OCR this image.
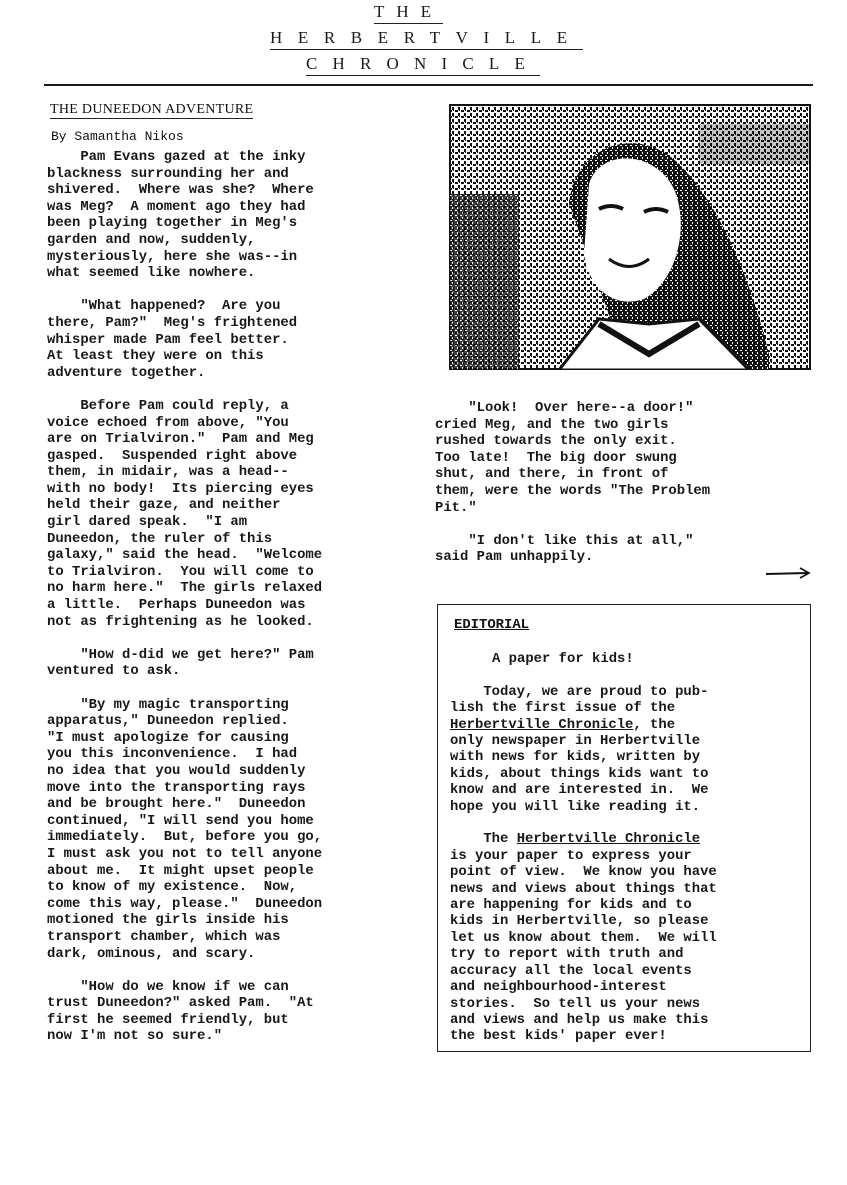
THE
HERBERTVILLE
CHRONICLE
THE DUNEEDON ADVENTURE
By Samantha Nikos
Pam Evans gazed at the inky
blackness surrounding her and
shivered.  Where was she?  Where
was Meg?  A moment ago they had
been playing together in Meg's
garden and now, suddenly,
mysteriously, here she was--in
what seemed like nowhere.
"What happened?  Are you
there, Pam?"  Meg's frightened
whisper made Pam feel better.
At least they were on this
adventure together.
Before Pam could reply, a
voice echoed from above, "You
are on Trialviron."  Pam and Meg
gasped.  Suspended right above
them, in midair, was a head--
with no body!  Its piercing eyes
held their gaze, and neither
girl dared speak.  "I am
Duneedon, the ruler of this
galaxy," said the head.  "Welcome
to Trialviron.  You will come to
no harm here."  The girls relaxed
a little.  Perhaps Duneedon was
not as frightening as he looked.
"How d-did we get here?" Pam
ventured to ask.
"By my magic transporting
apparatus," Duneedon replied.
"I must apologize for causing
you this inconvenience.  I had
no idea that you would suddenly
move into the transporting rays
and be brought here."  Duneedon
continued, "I will send you home
immediately.  But, before you go,
I must ask you not to tell anyone
about me.  It might upset people
to know of my existence.  Now,
come this way, please."  Duneedon
motioned the girls inside his
transport chamber, which was
dark, ominous, and scary.
"How do we know if we can
trust Duneedon?" asked Pam.  "At
first he seemed friendly, but
now I'm not so sure."
"Look!  Over here--a door!"
cried Meg, and the two girls
rushed towards the only exit.
Too late!  The big door swung
shut, and there, in front of
them, were the words "The Problem
Pit."
"I don't like this at all,"
said Pam unhappily.
EDITORIAL
A paper for kids!
Today, we are proud to pub-
lish the first issue of the
Herbertville Chronicle, the
only newspaper in Herbertville
with news for kids, written by
kids, about things kids want to
know and are interested in.  We
hope you will like reading it.
The Herbertville Chronicle
is your paper to express your
point of view.  We know you have
news and views about things that
are happening for kids and to
kids in Herbertville, so please
let us know about them.  We will
try to report with truth and
accuracy all the local events
and neighbourhood-interest
stories.  So tell us your news
and views and help us make this
the best kids' paper ever!
